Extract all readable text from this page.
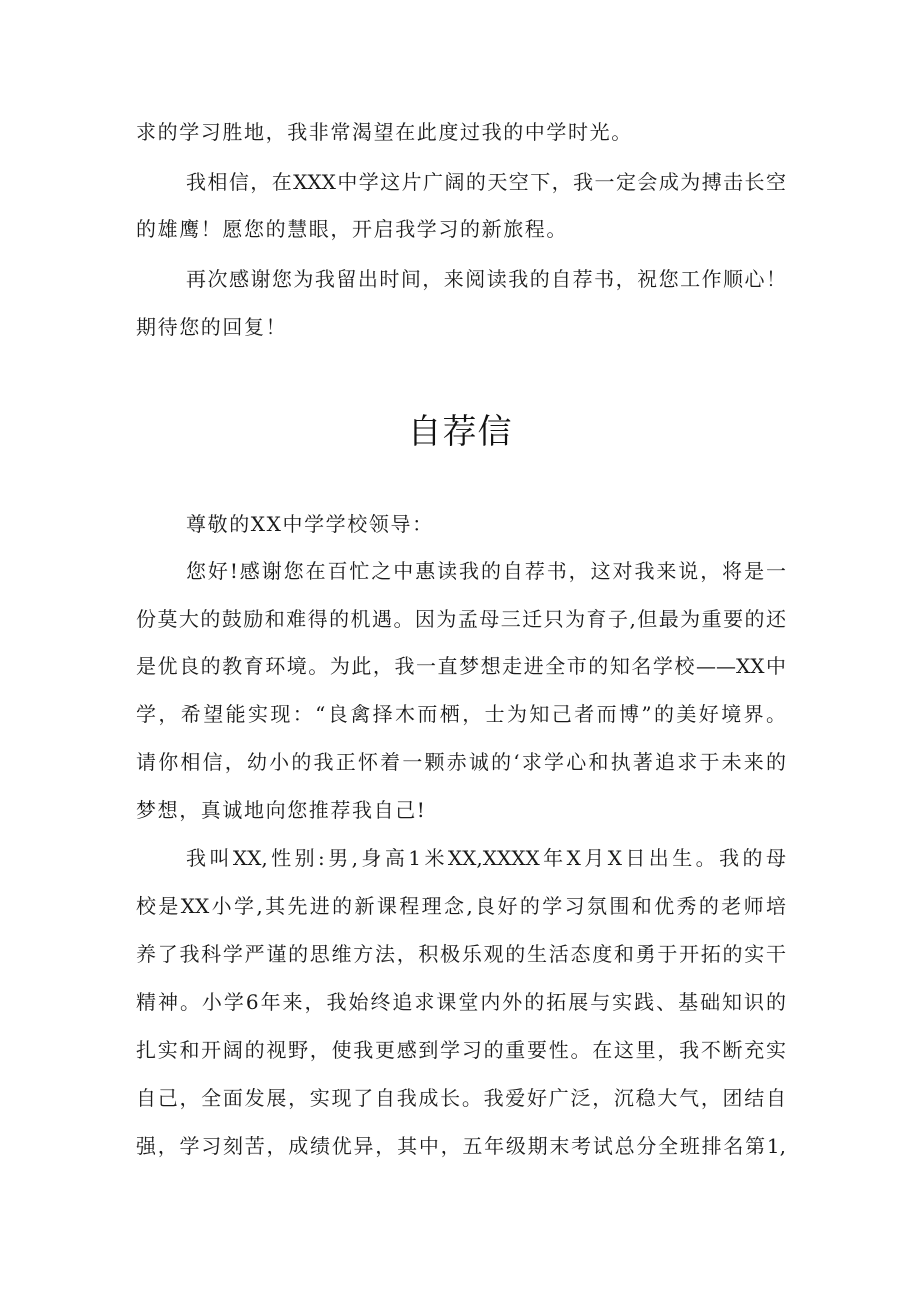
求的学习胜地，我非常渴望在此度过我的中学时光。
我相信，在XXX中学这片广阔的天空下，我一定会成为搏击长空
的雄鹰！愿您的慧眼，开启我学习的新旅程。
再次感谢您为我留出时间，来阅读我的自荐书，祝您工作顺心！
期待您的回复！
自荐信
尊敬的XX中学学校领导：
您好!感谢您在百忙之中惠读我的自荐书，这对我来说，将是一
份莫大的鼓励和难得的机遇。因为孟母三迁只为育子,但最为重要的还
是优良的教育环境。为此，我一直梦想走进全市的知名学校——XX中
学，希望能实现：“良禽择木而栖，士为知己者而博”的美好境界。
请你相信，幼小的我正怀着一颗赤诚的‘求学心和执著追求于未来的
梦想，真诚地向您推荐我自己!
我叫XX,性别:男,身高1米XX,XXXX年X月X日出生。我的母
校是XX小学,其先进的新课程理念,良好的学习氛围和优秀的老师培
养了我科学严谨的思维方法，积极乐观的生活态度和勇于开拓的实干
精神。小学6年来，我始终追求课堂内外的拓展与实践、基础知识的
扎实和开阔的视野，使我更感到学习的重要性。在这里，我不断充实
自己，全面发展，实现了自我成长。我爱好广泛，沉稳大气，团结自
强，学习刻苦，成绩优异，其中，五年级期末考试总分全班排名第1,
